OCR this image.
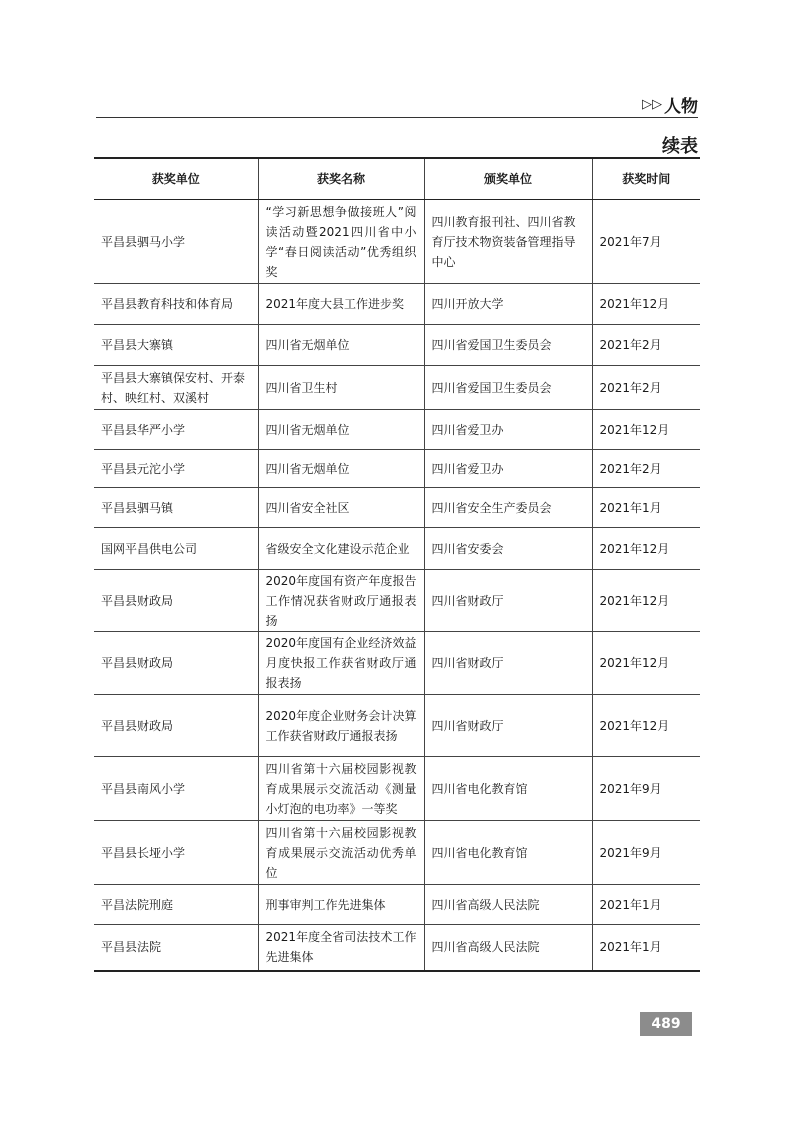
▷▷ 人物
续表
获奖单位	获奖名称	颁奖单位	获奖时间
平昌县驷马小学	“学习新思想争做接班人”阅读活动暨2021四川省中小学“春日阅读活动”优秀组织奖	四川教育报刊社、四川省教育厅技术物资装备管理指导中心	2021年7月
平昌县教育科技和体育局	2021年度大县工作进步奖	四川开放大学	2021年12月
平昌县大寨镇	四川省无烟单位	四川省爱国卫生委员会	2021年2月
平昌县大寨镇保安村、开泰村、映红村、双溪村	四川省卫生村	四川省爱国卫生委员会	2021年2月
平昌县华严小学	四川省无烟单位	四川省爱卫办	2021年12月
平昌县元沱小学	四川省无烟单位	四川省爱卫办	2021年2月
平昌县驷马镇	四川省安全社区	四川省安全生产委员会	2021年1月
国网平昌供电公司	省级安全文化建设示范企业	四川省安委会	2021年12月
平昌县财政局	2020年度国有资产年度报告工作情况获省财政厅通报表扬	四川省财政厅	2021年12月
平昌县财政局	2020年度国有企业经济效益月度快报工作获省财政厅通报表扬	四川省财政厅	2021年12月
平昌县财政局	2020年度企业财务会计决算工作获省财政厅通报表扬	四川省财政厅	2021年12月
平昌县南风小学	四川省第十六届校园影视教育成果展示交流活动《测量小灯泡的电功率》一等奖	四川省电化教育馆	2021年9月
平昌县长垭小学	四川省第十六届校园影视教育成果展示交流活动优秀单位	四川省电化教育馆	2021年9月
平昌法院刑庭	刑事审判工作先进集体	四川省高级人民法院	2021年1月
平昌县法院	2021年度全省司法技术工作先进集体	四川省高级人民法院	2021年1月
489
